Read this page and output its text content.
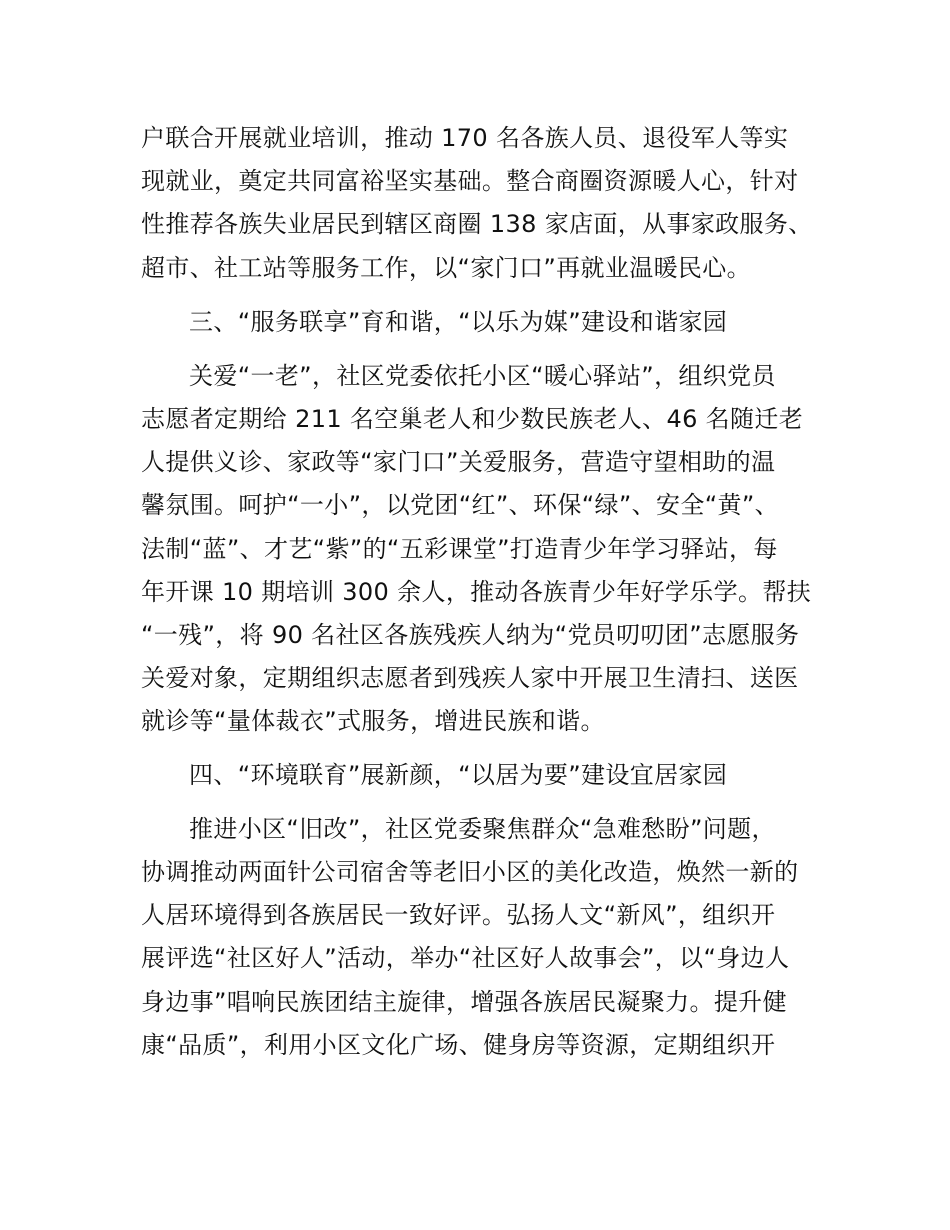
户联合开展就业培训，推动 170 名各族人员、退役军人等实
现就业，奠定共同富裕坚实基础。整合商圈资源暖人心，针对
性推荐各族失业居民到辖区商圈 138 家店面，从事家政服务、
超市、社工站等服务工作，以“家门口”再就业温暖民心。
三、“服务联享”育和谐，“以乐为媒”建设和谐家园
关爱“一老”，社区党委依托小区“暖心驿站”，组织党员
志愿者定期给 211 名空巢老人和少数民族老人、46 名随迁老
人提供义诊、家政等“家门口”关爱服务，营造守望相助的温
馨氛围。呵护“一小”，以党团“红”、环保“绿”、安全“黄”、
法制“蓝”、才艺“紫”的“五彩课堂”打造青少年学习驿站，每
年开课 10 期培训 300 余人，推动各族青少年好学乐学。帮扶
“一残”，将 90 名社区各族残疾人纳为“党员叨叨团”志愿服务
关爱对象，定期组织志愿者到残疾人家中开展卫生清扫、送医
就诊等“量体裁衣”式服务，增进民族和谐。
四、“环境联育”展新颜，“以居为要”建设宜居家园
推进小区“旧改”，社区党委聚焦群众“急难愁盼”问题，
协调推动两面针公司宿舍等老旧小区的美化改造，焕然一新的
人居环境得到各族居民一致好评。弘扬人文“新风”，组织开
展评选“社区好人”活动，举办“社区好人故事会”，以“身边人
身边事”唱响民族团结主旋律，增强各族居民凝聚力。提升健
康“品质”，利用小区文化广场、健身房等资源，定期组织开
